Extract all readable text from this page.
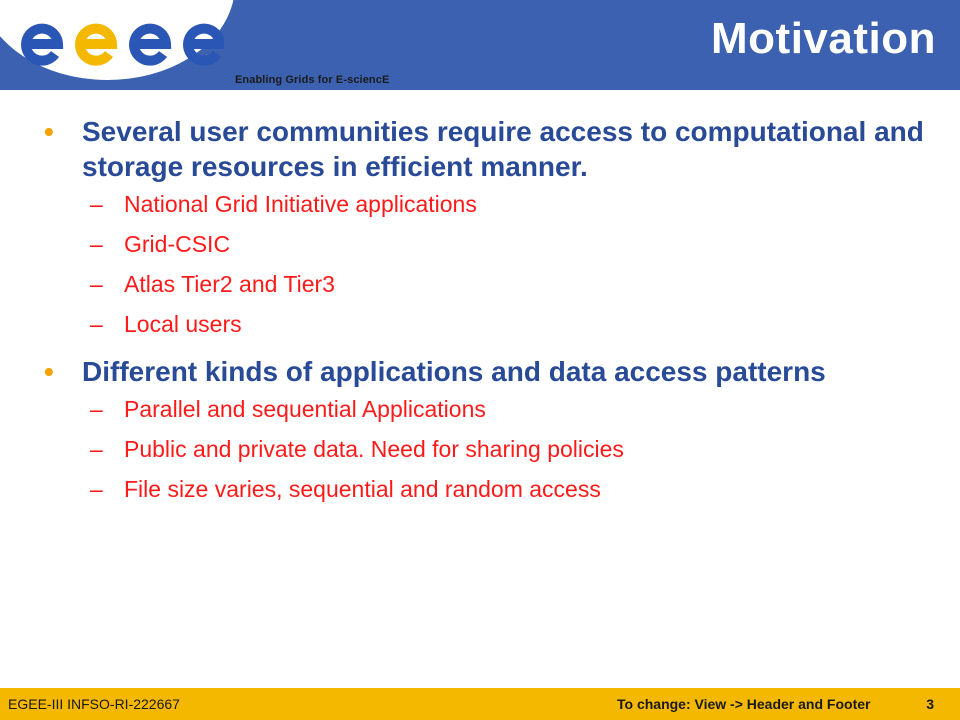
Enabling Grids for E-sciencE
Motivation
• Several user communities require access to computational and storage resources in efficient manner.
– National Grid Initiative applications
– Grid-CSIC
– Atlas Tier2 and Tier3
– Local users
• Different kinds of applications and data access patterns
– Parallel and sequential Applications
– Public and private data. Need for sharing policies
– File size varies, sequential and random access
EGEE-III INFSO-RI-222667	To change: View -> Header and Footer	3
